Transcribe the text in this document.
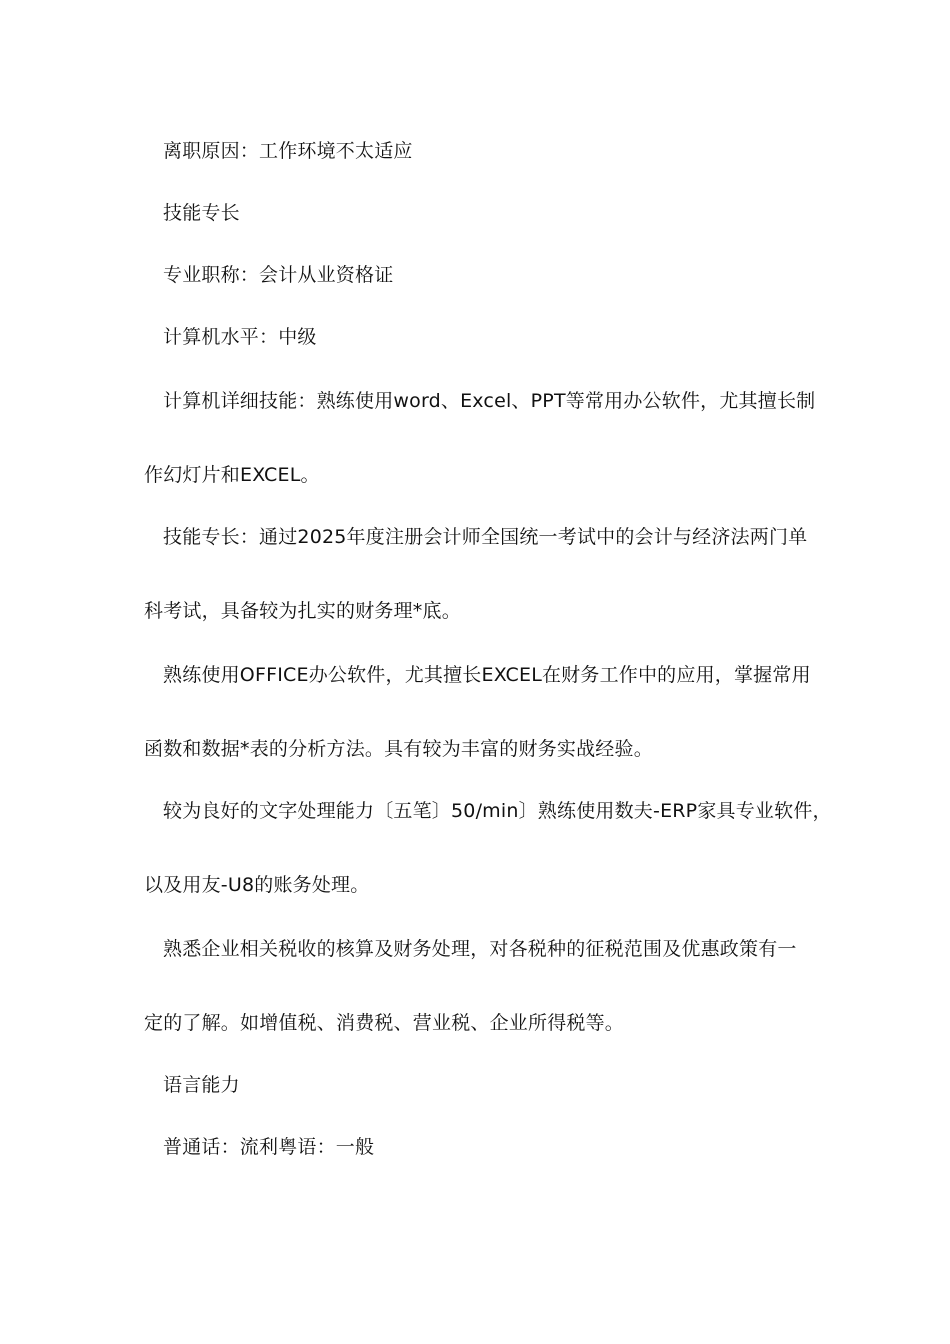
离职原因：工作环境不太适应
技能专长
专业职称：会计从业资格证
计算机水平：中级
计算机详细技能：熟练使用word、Excel、PPT等常用办公软件，尤其擅长制
作幻灯片和EXCEL。
技能专长：通过2025年度注册会计师全国统一考试中的会计与经济法两门单
科考试，具备较为扎实的财务理*底。
熟练使用OFFICE办公软件，尤其擅长EXCEL在财务工作中的应用，掌握常用
函数和数据*表的分析方法。具有较为丰富的财务实战经验。
较为良好的文字处理能力〔五笔〕50/min〕熟练使用数夫-ERP家具专业软件，
以及用友-U8的账务处理。
熟悉企业相关税收的核算及财务处理，对各税种的征税范围及优惠政策有一
定的了解。如增值税、消费税、营业税、企业所得税等。
语言能力
普通话：流利粤语：一般
